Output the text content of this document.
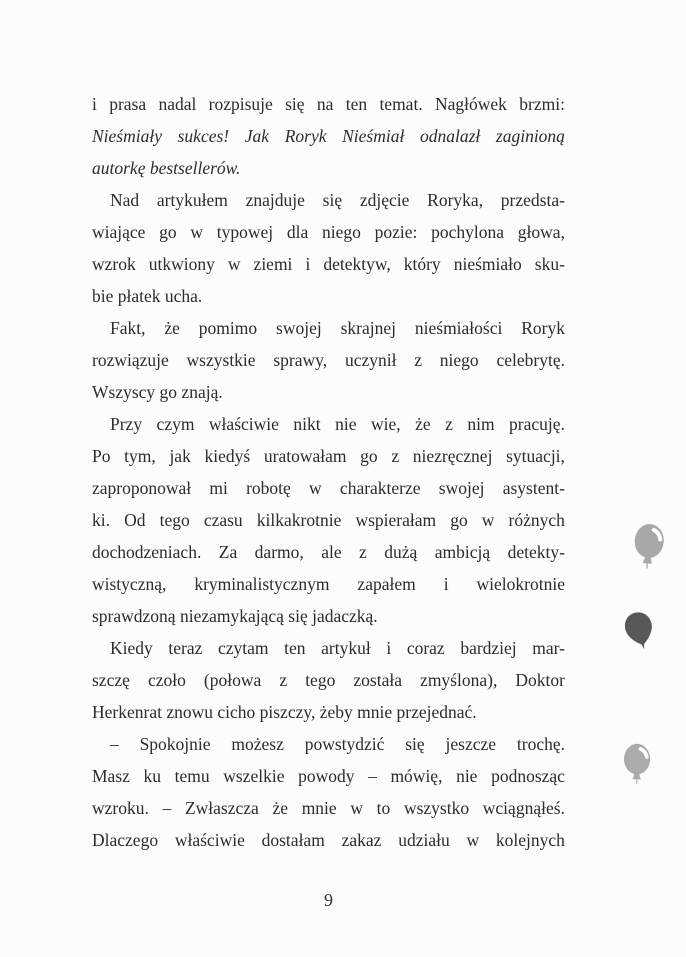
i prasa nadal rozpisuje się na ten temat. Nagłówek brzmi:
Nieśmiały sukces! Jak Roryk Nieśmiał odnalazł zaginioną
autorkę bestsellerów.
Nad artykułem znajduje się zdjęcie Roryka, przedsta-
wiające go w typowej dla niego pozie: pochylona głowa,
wzrok utkwiony w ziemi i detektyw, który nieśmiało sku-
bie płatek ucha.
Fakt, że pomimo swojej skrajnej nieśmiałości Roryk
rozwiązuje wszystkie sprawy, uczynił z niego celebrytę.
Wszyscy go znają.
Przy czym właściwie nikt nie wie, że z nim pracuję.
Po tym, jak kiedyś uratowałam go z niezręcznej sytuacji,
zaproponował mi robotę w charakterze swojej asystent-
ki. Od tego czasu kilkakrotnie wspierałam go w różnych
dochodzeniach. Za darmo, ale z dużą ambicją detekty-
wistyczną, kryminalistycznym zapałem i wielokrotnie
sprawdzoną niezamykającą się jadaczką.
Kiedy teraz czytam ten artykuł i coraz bardziej mar-
szczę czoło (połowa z tego została zmyślona), Doktor
Herkenrat znowu cicho piszczy, żeby mnie przejednać.
– Spokojnie możesz powstydzić się jeszcze trochę.
Masz ku temu wszelkie powody – mówię, nie podnosząc
wzroku. – Zwłaszcza że mnie w to wszystko wciągnąłeś.
Dlaczego właściwie dostałam zakaz udziału w kolejnych
9
